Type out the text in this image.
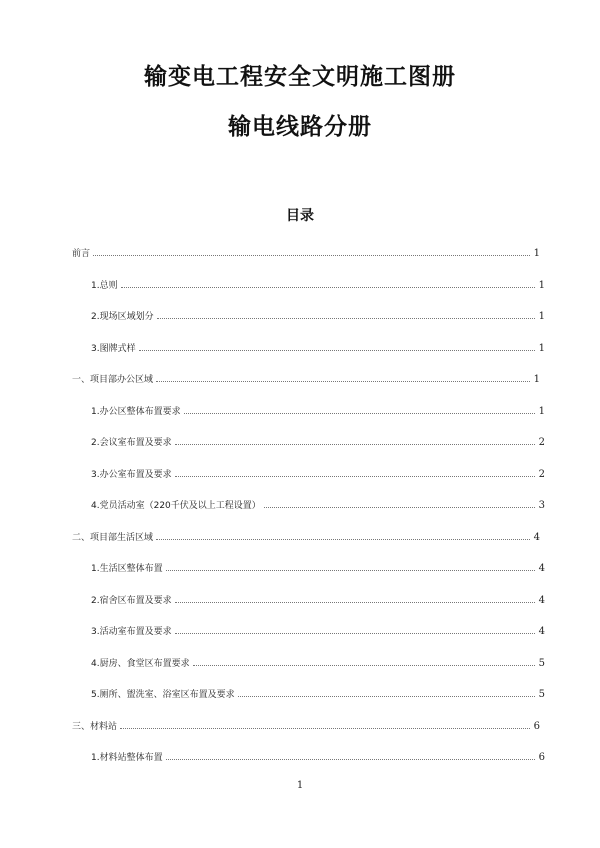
输变电工程安全文明施工图册
输电线路分册
目录
前言	1
1.总则	1
2.现场区域划分	1
3.图牌式样	1
一、项目部办公区域	1
1.办公区整体布置要求	1
2.会议室布置及要求	2
3.办公室布置及要求	2
4.党员活动室（220千伏及以上工程设置）	3
二、项目部生活区域	4
1.生活区整体布置	4
2.宿舍区布置及要求	4
3.活动室布置及要求	4
4.厨房、食堂区布置要求	5
5.厕所、盥洗室、浴室区布置及要求	5
三、材料站	6
1.材料站整体布置	6
1
